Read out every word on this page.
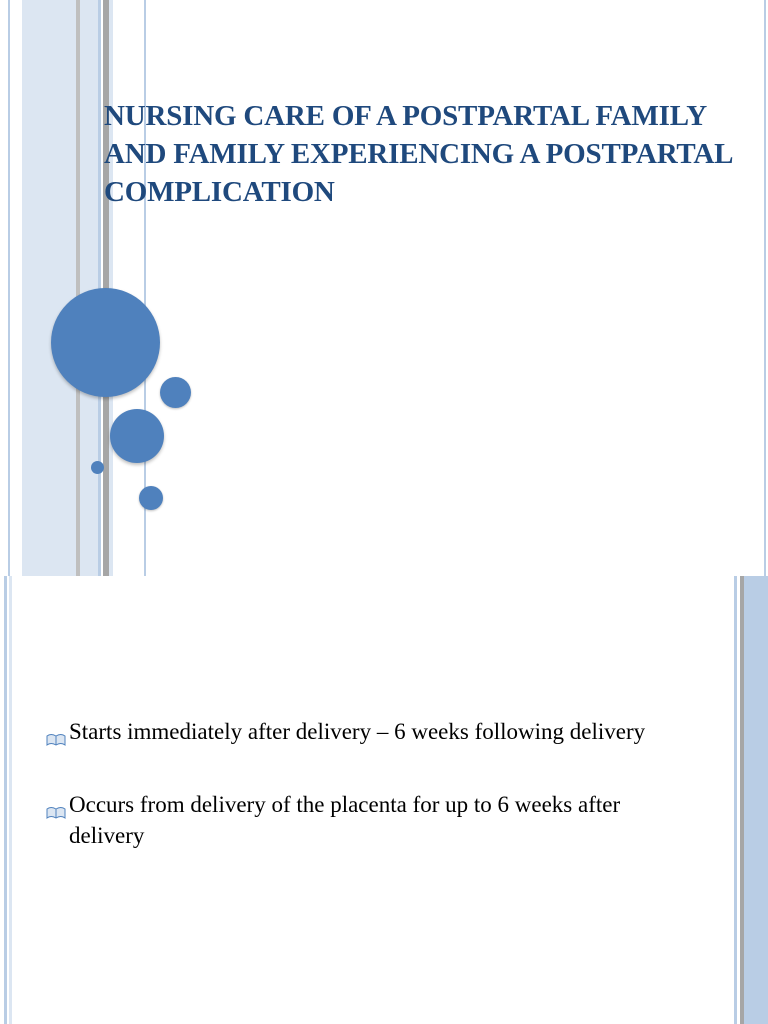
NURSING CARE OF A POSTPARTAL FAMILY AND FAMILY EXPERIENCING A POSTPARTAL COMPLICATION
Starts immediately after delivery – 6 weeks following delivery
Occurs from delivery of the placenta for up to 6 weeks after delivery
